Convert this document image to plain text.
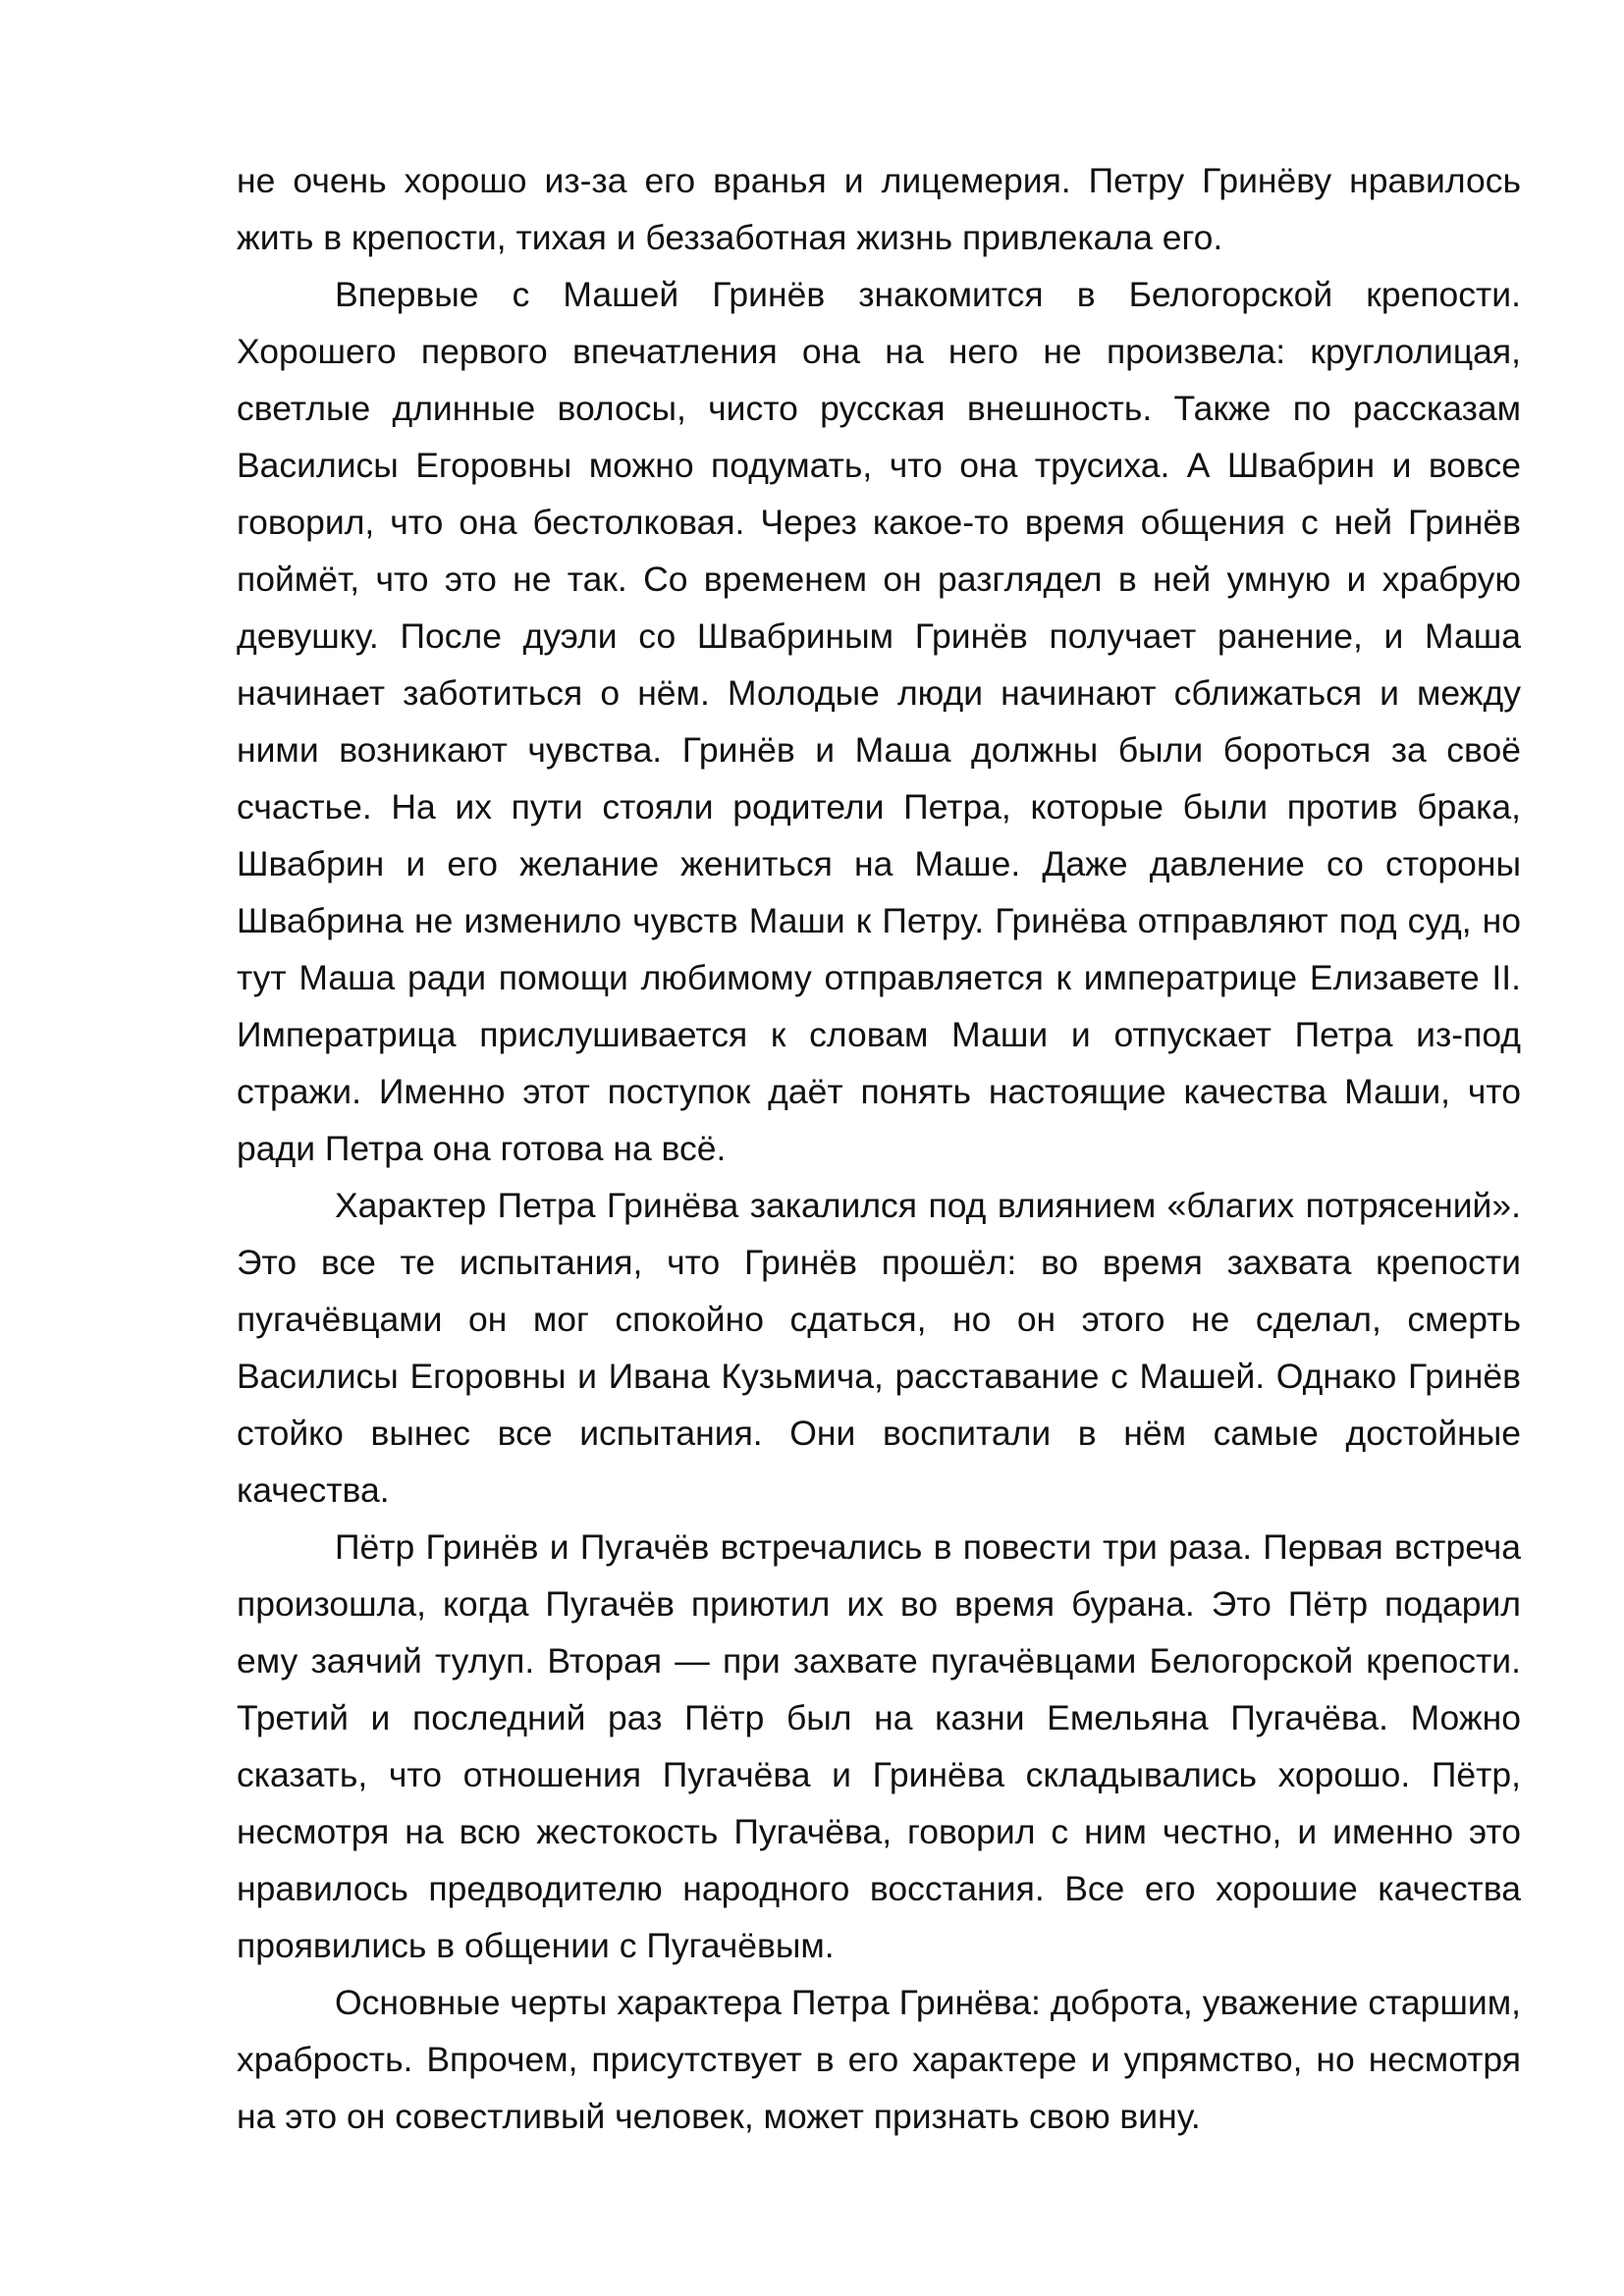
не очень хорошо из-за его вранья и лицемерия. Петру Гринёву нравилось жить в крепости, тихая и беззаботная жизнь привлекала его.

Впервые с Машей Гринёв знакомится в Белогорской крепости. Хорошего первого впечатления она на него не произвела: круглолицая, светлые длинные волосы, чисто русская внешность. Также по рассказам Василисы Егоровны можно подумать, что она трусиха. А Швабрин и вовсе говорил, что она бестолковая. Через какое-то время общения с ней Гринёв поймёт, что это не так. Со временем он разглядел в ней умную и храбрую девушку. После дуэли со Швабриным Гринёв получает ранение, и Маша начинает заботиться о нём. Молодые люди начинают сближаться и между ними возникают чувства. Гринёв и Маша должны были бороться за своё счастье. На их пути стояли родители Петра, которые были против брака, Швабрин и его желание жениться на Маше. Даже давление со стороны Швабрина не изменило чувств Маши к Петру. Гринёва отправляют под суд, но тут Маша ради помощи любимому отправляется к императрице Елизавете II. Императрица прислушивается к словам Маши и отпускает Петра из-под стражи. Именно этот поступок даёт понять настоящие качества Маши, что ради Петра она готова на всё.

Характер Петра Гринёва закалился под влиянием «благих потрясений». Это все те испытания, что Гринёв прошёл: во время захвата крепости пугачёвцами он мог спокойно сдаться, но он этого не сделал, смерть Василисы Егоровны и Ивана Кузьмича, расставание с Машей. Однако Гринёв стойко вынес все испытания. Они воспитали в нём самые достойные качества.

Пётр Гринёв и Пугачёв встречались в повести три раза. Первая встреча произошла, когда Пугачёв приютил их во время бурана. Это Пётр подарил ему заячий тулуп. Вторая — при захвате пугачёвцами Белогорской крепости. Третий и последний раз Пётр был на казни Емельяна Пугачёва. Можно сказать, что отношения Пугачёва и Гринёва складывались хорошо. Пётр, несмотря на всю жестокость Пугачёва, говорил с ним честно, и именно это нравилось предводителю народного восстания. Все его хорошие качества проявились в общении с Пугачёвым.

Основные черты характера Петра Гринёва: доброта, уважение старшим, храбрость. Впрочем, присутствует в его характере и упрямство, но несмотря на это он совестливый человек, может признать свою вину.
